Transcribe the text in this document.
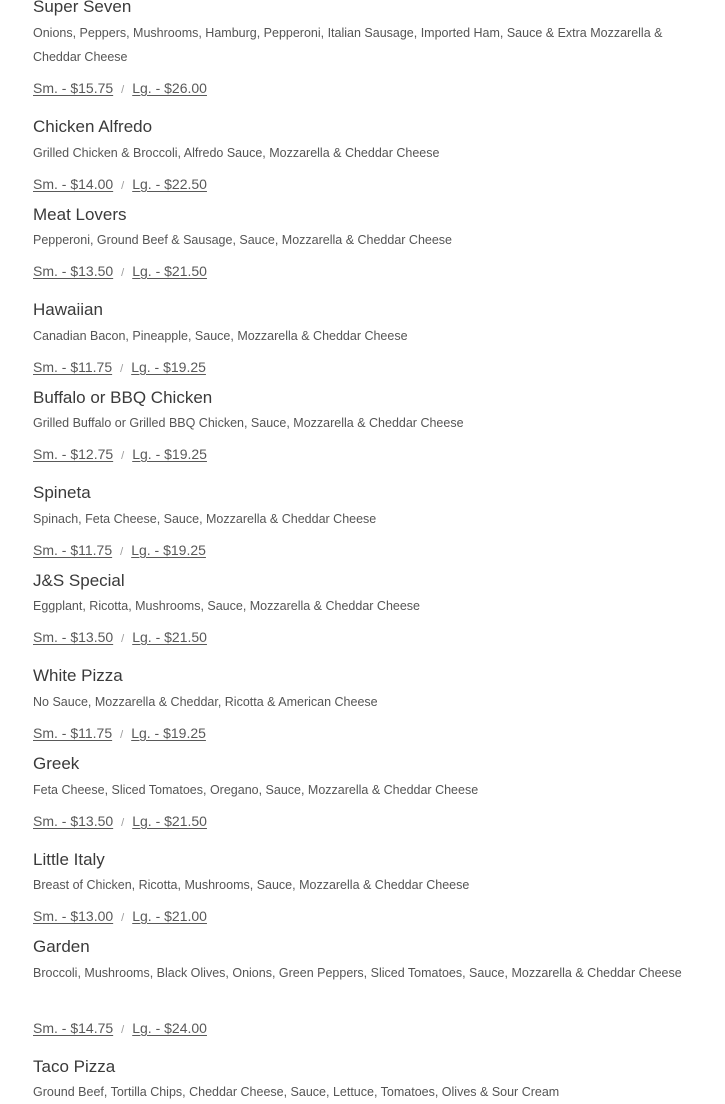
Super Seven
Onions, Peppers, Mushrooms, Hamburg, Pepperoni, Italian Sausage, Imported Ham, Sauce & Extra Mozzarella & Cheddar Cheese
Sm. - $15.75 / Lg. - $26.00
Chicken Alfredo
Grilled Chicken & Broccoli, Alfredo Sauce, Mozzarella & Cheddar Cheese
Sm. - $14.00 / Lg. - $22.50
Meat Lovers
Pepperoni, Ground Beef & Sausage, Sauce, Mozzarella & Cheddar Cheese
Sm. - $13.50 / Lg. - $21.50
Hawaiian
Canadian Bacon, Pineapple, Sauce, Mozzarella & Cheddar Cheese
Sm. - $11.75 / Lg. - $19.25
Buffalo or BBQ Chicken
Grilled Buffalo or Grilled BBQ Chicken, Sauce, Mozzarella & Cheddar Cheese
Sm. - $12.75 / Lg. - $19.25
Spineta
Spinach, Feta Cheese, Sauce, Mozzarella & Cheddar Cheese
Sm. - $11.75 / Lg. - $19.25
J&S Special
Eggplant, Ricotta, Mushrooms, Sauce, Mozzarella & Cheddar Cheese
Sm. - $13.50 / Lg. - $21.50
White Pizza
No Sauce, Mozzarella & Cheddar, Ricotta & American Cheese
Sm. - $11.75 / Lg. - $19.25
Greek
Feta Cheese, Sliced Tomatoes, Oregano, Sauce, Mozzarella & Cheddar Cheese
Sm. - $13.50 / Lg. - $21.50
Little Italy
Breast of Chicken, Ricotta, Mushrooms, Sauce, Mozzarella & Cheddar Cheese
Sm. - $13.00 / Lg. - $21.00
Garden
Broccoli, Mushrooms, Black Olives, Onions, Green Peppers, Sliced Tomatoes, Sauce, Mozzarella & Cheddar Cheese
Sm. - $14.75 / Lg. - $24.00
Taco Pizza
Ground Beef, Tortilla Chips, Cheddar Cheese, Sauce, Lettuce, Tomatoes, Olives & Sour Cream
